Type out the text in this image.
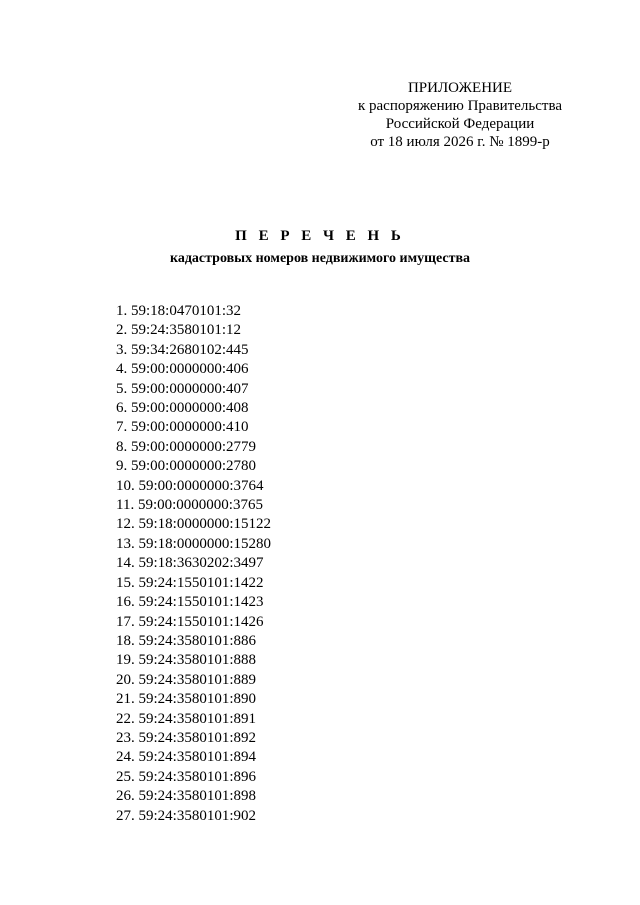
ПРИЛОЖЕНИЕ
к распоряжению Правительства
Российской Федерации
от 18 июля 2026 г. № 1899-р
П Е Р Е Ч Е Н Ь
кадастровых номеров недвижимого имущества
1. 59:18:0470101:32
2. 59:24:3580101:12
3. 59:34:2680102:445
4. 59:00:0000000:406
5. 59:00:0000000:407
6. 59:00:0000000:408
7. 59:00:0000000:410
8. 59:00:0000000:2779
9. 59:00:0000000:2780
10. 59:00:0000000:3764
11. 59:00:0000000:3765
12. 59:18:0000000:15122
13. 59:18:0000000:15280
14. 59:18:3630202:3497
15. 59:24:1550101:1422
16. 59:24:1550101:1423
17. 59:24:1550101:1426
18. 59:24:3580101:886
19. 59:24:3580101:888
20. 59:24:3580101:889
21. 59:24:3580101:890
22. 59:24:3580101:891
23. 59:24:3580101:892
24. 59:24:3580101:894
25. 59:24:3580101:896
26. 59:24:3580101:898
27. 59:24:3580101:902
